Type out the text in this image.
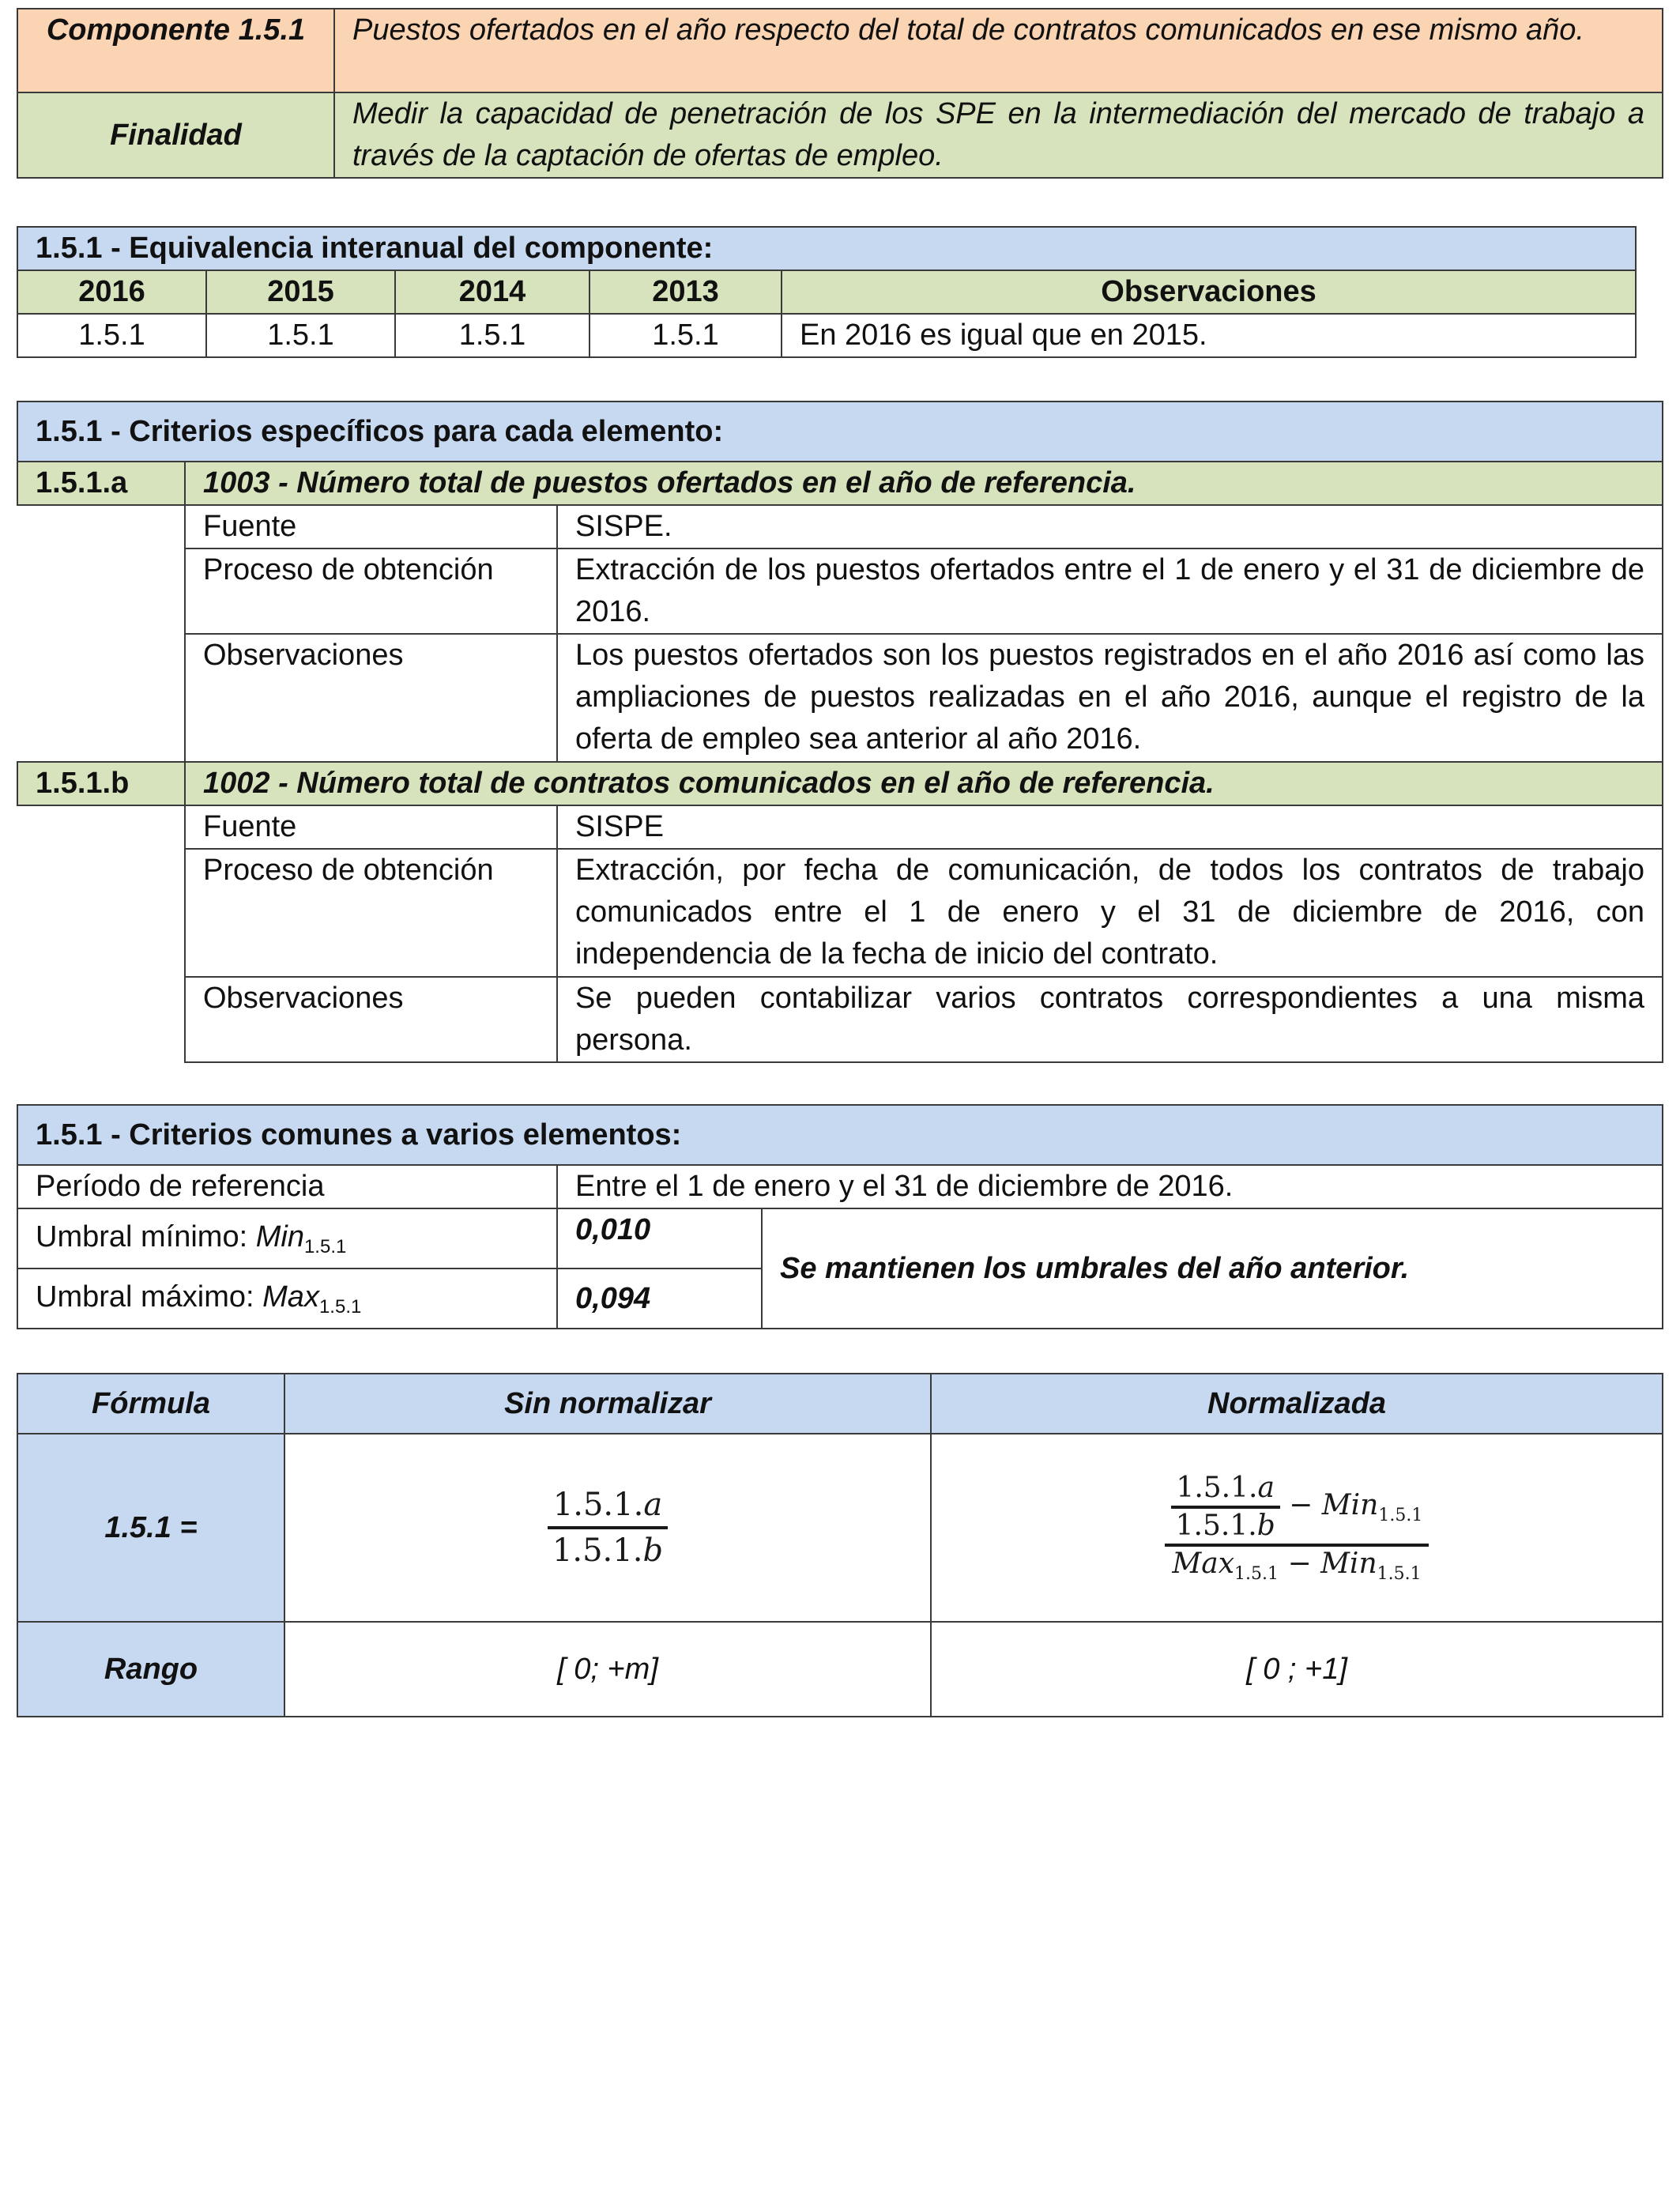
Componente 1.5.1	Puestos ofertados en el año respecto del total de contratos comunicados en ese mismo año.
Finalidad	Medir la capacidad de penetración de los SPE en la intermediación del mercado de trabajo a través de la captación de ofertas de empleo.
1.5.1 - Equivalencia interanual del componente:				
2016	2015	2014	2013	Observaciones
1.5.1	1.5.1	1.5.1	1.5.1	En 2016 es igual que en 2015.
1.5.1 - Criterios específicos para cada elemento:		
1.5.1.a	1003 - Número total de puestos ofertados en el año de referencia.	
	Fuente	SISPE.
	Proceso de obtención	Extracción de los puestos ofertados entre el 1 de enero y el 31 de diciembre de 2016.
	Observaciones	Los puestos ofertados son los puestos registrados en el año 2016 así como las ampliaciones de puestos realizadas en el año 2016, aunque el registro de la oferta de empleo sea anterior al año 2016.
1.5.1.b	1002 - Número total de contratos comunicados en el año de referencia.	
	Fuente	SISPE
	Proceso de obtención	Extracción, por fecha de comunicación, de todos los contratos de trabajo comunicados entre el 1 de enero y el 31 de diciembre de 2016, con independencia de la fecha de inicio del contrato.
	Observaciones	Se pueden contabilizar varios contratos correspondientes a una misma persona.
1.5.1 - Criterios comunes a varios elementos:		
Período de referencia	Entre el 1 de enero y el 31 de diciembre de 2016.	
Umbral mínimo: Min$_{1.5.1}$	0,010	Se mantienen los umbrales del año anterior.
Umbral máximo: Max$_{1.5.1}$	0,094	
Fórmula	Sin normalizar	Normalizada
1.5.1 =	$\frac{1.5.1.a}{1.5.1.b}$	$\frac{\frac{1.5.1.a}{1.5.1.b} - Min_{1.5.1}}{Max_{1.5.1} - Min_{1.5.1}}$

Rango	[ 0; +m]	[ 0 ; +1]
